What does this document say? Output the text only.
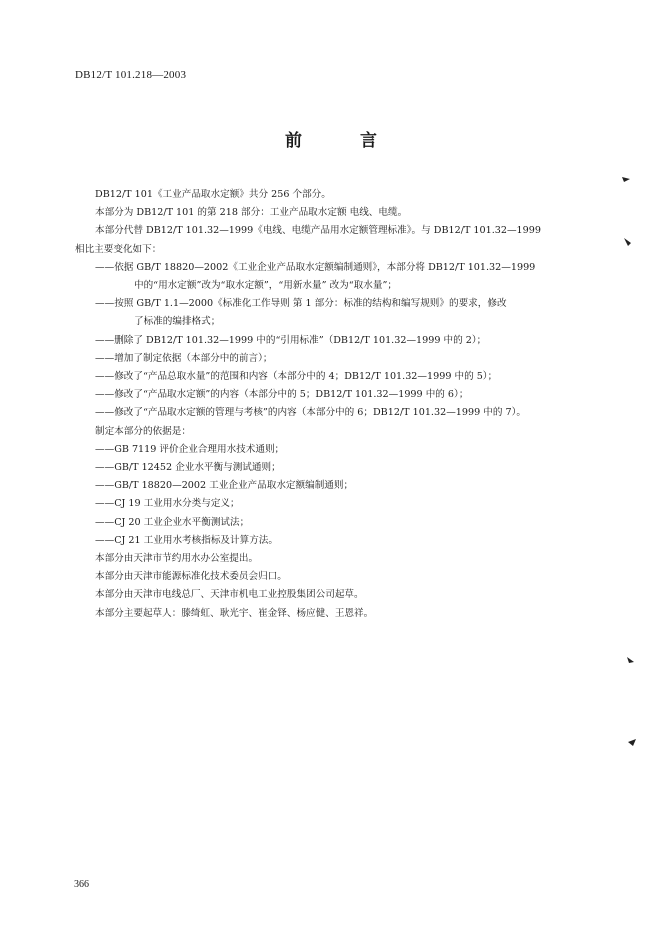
DB12/T 101.218—2003
前 言

DB12/T 101《工业产品取水定额》共分 256 个部分。

本部分为 DB12/T 101 的第 218 部分：工业产品取水定额 电线、电缆。

本部分代替 DB12/T 101.32—1999《电线、电缆产品用水定额管理标准》。与 DB12/T 101.32—1999

相比主要变化如下：

——依据 GB/T 18820—2002《工业企业产品取水定额编制通则》，本部分将 DB12/T 101.32—1999

中的“用水定额”改为“取水定额”，“用新水量” 改为“取水量”；

——按照 GB/T 1.1—2000《标准化工作导则 第 1 部分：标准的结构和编写规则》的要求，修改

了标准的编排格式；

——删除了 DB12/T 101.32—1999 中的“引用标准”（DB12/T 101.32—1999 中的 2）；

——增加了制定依据（本部分中的前言）；

——修改了“产品总取水量”的范围和内容（本部分中的 4；DB12/T 101.32—1999 中的 5）；

——修改了“产品取水定额”的内容（本部分中的 5；DB12/T 101.32—1999 中的 6）；

——修改了“产品取水定额的管理与考核”的内容（本部分中的 6；DB12/T 101.32—1999 中的 7）。

制定本部分的依据是：

——GB 7119 评价企业合理用水技术通则；

——GB/T 12452 企业水平衡与测试通则；

——GB/T 18820—2002 工业企业产品取水定额编制通则；

——CJ 19 工业用水分类与定义；

——CJ 20 工业企业水平衡测试法；

——CJ 21 工业用水考核指标及计算方法。

本部分由天津市节约用水办公室提出。

本部分由天津市能源标准化技术委员会归口。

本部分由天津市电线总厂、天津市机电工业控股集团公司起草。

本部分主要起草人：滕绮虹、耿光宇、崔金铎、杨应健、王恩祥。

366
